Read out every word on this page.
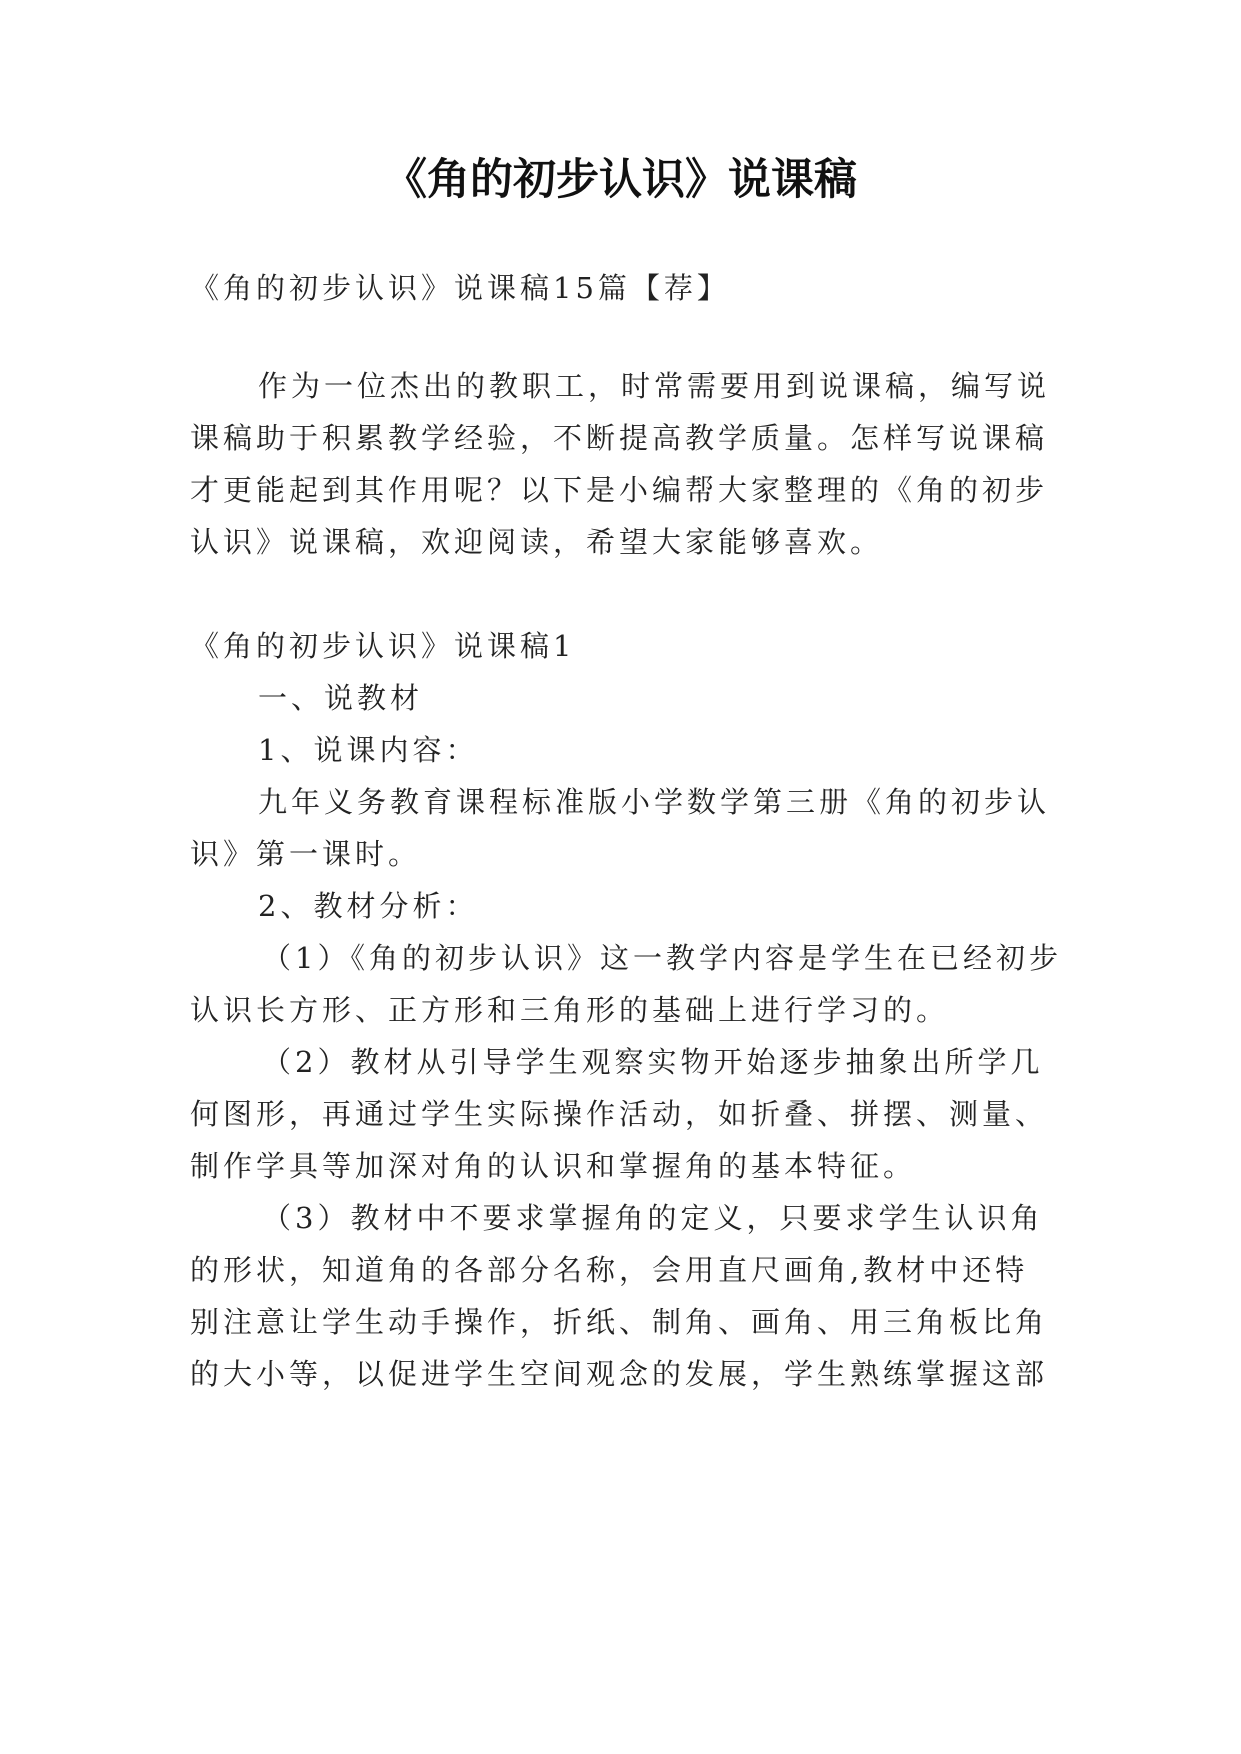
《角的初步认识》说课稿

《角的初步认识》说课稿15篇【荐】

作为一位杰出的教职工，时常需要用到说课稿，编写说

课稿助于积累教学经验，不断提高教学质量。怎样写说课稿

才更能起到其作用呢？以下是小编帮大家整理的《角的初步

认识》说课稿，欢迎阅读，希望大家能够喜欢。

《角的初步认识》说课稿1

一、说教材

1、说课内容：

九年义务教育课程标准版小学数学第三册《角的初步认

识》第一课时。

2、教材分析：

（1）《角的初步认识》这一教学内容是学生在已经初步

认识长方形、正方形和三角形的基础上进行学习的。

（2）教材从引导学生观察实物开始逐步抽象出所学几

何图形，再通过学生实际操作活动，如折叠、拼摆、测量、

制作学具等加深对角的认识和掌握角的基本特征。

（3）教材中不要求掌握角的定义，只要求学生认识角

的形状，知道角的各部分名称，会用直尺画角,教材中还特

别注意让学生动手操作，折纸、制角、画角、用三角板比角

的大小等，以促进学生空间观念的发展，学生熟练掌握这部
